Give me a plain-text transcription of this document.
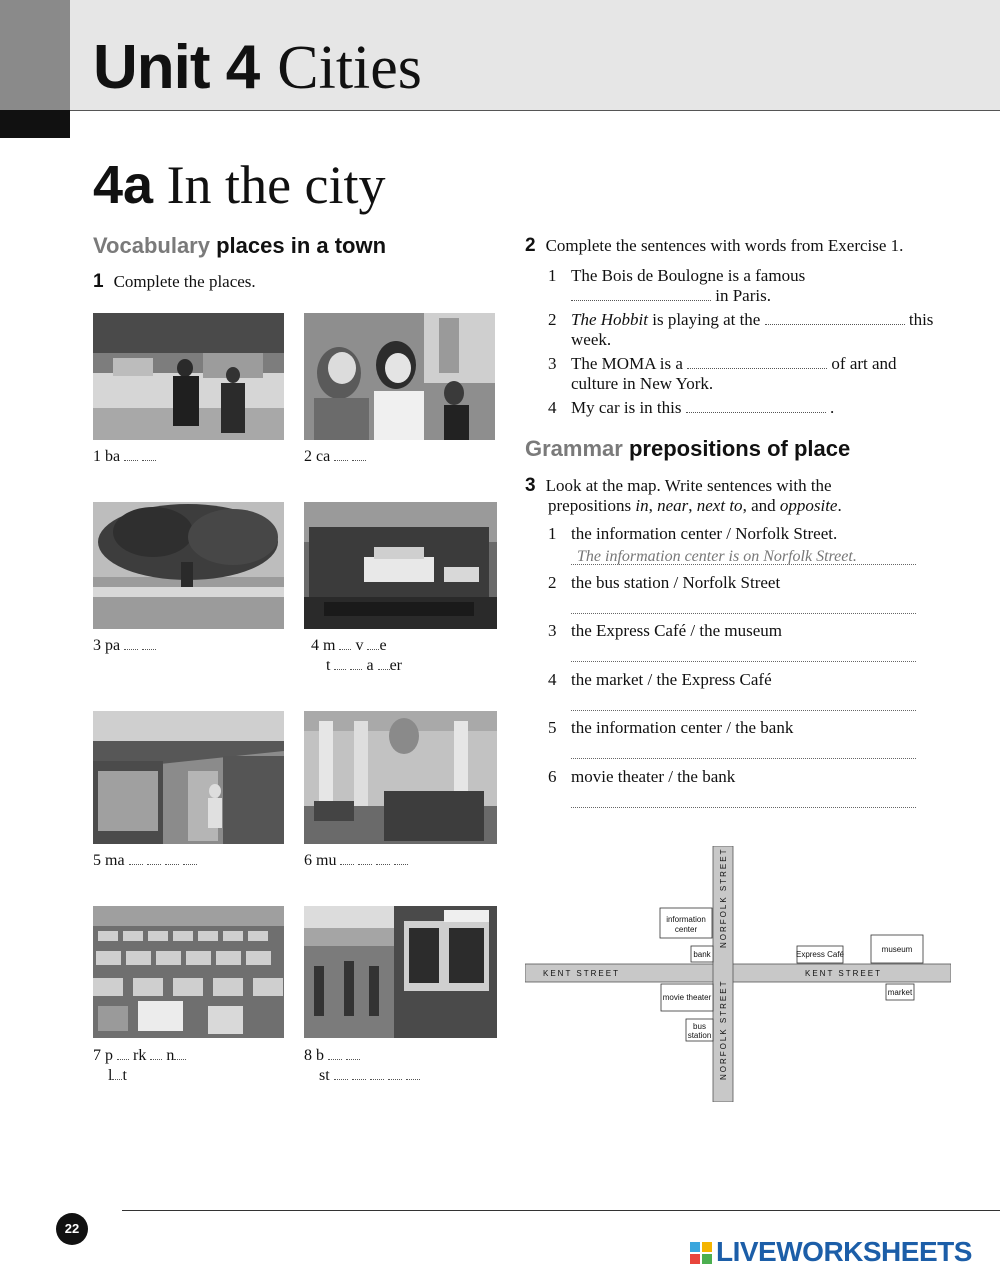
Unit 4 Cities
4a In the city
Vocabulary places in a town
1 Complete the places.
1 ba	2 ca
3 pa	4 m v e
t a er
5 ma	6 mu
7 p rk n
l t
8 b
st
2 Complete the sentences with words from Exercise 1.
1 The Bois de Boulogne is a famous
in Paris.
2 The Hobbit is playing at the	this
week.
3 The MOMA is a	of art and
culture in New York.
4 My car is in this	.
Grammar prepositions of place
3 Look at the map. Write sentences with the
prepositions in, near, next to, and opposite.
1 the information center / Norfolk Street.
The information center is on Norfolk Street.
2 the bus station / Norfolk Street
3 the Express Café / the museum
4 the market / the Express Café
5 the information center / the bank
6 movie theater / the bank
KENT STREET	KENT STREET
NORFOLK STREET
NORFOLK STREET
information
center
bank	Express Café
museum
movie theater
market
bus
station
22
LIVEWORKSHEETS
